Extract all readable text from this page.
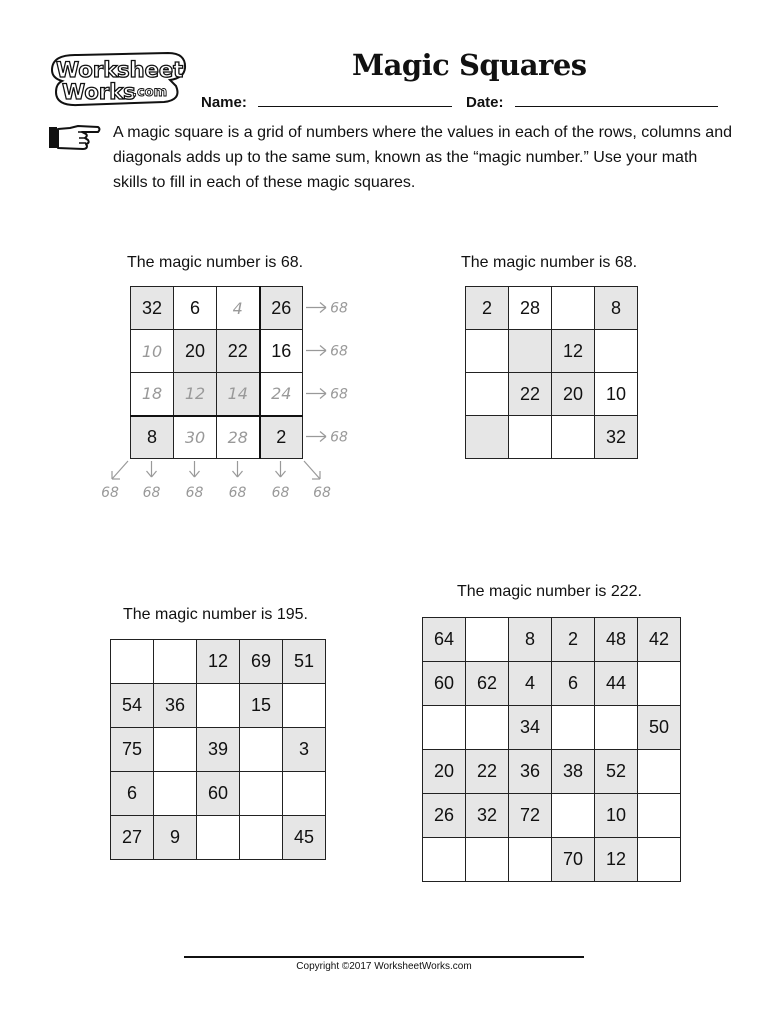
Worksheet
Works
.com
Magic Squares
Name:	Date:
A magic square is a grid of numbers where the values in each of the rows, columns and diagonals adds up to the same sum, known as the “magic number.” Use your math skills to fill in each of these magic squares.
The magic number is 68.
32	6	4	26
10	20	22	16
18	12	14	24
8	30	28	2
68
68
68
68
68 68 68 68 68 68
The magic number is 68.
2	28		8
		12	
	22	20	10
			32
The magic number is 195.
		12	69	51
54	36		15	
75		39		3
6		60		
27	9			45
The magic number is 222.
64		8	2	48	42
60	62	4	6	44	
		34			50
20	22	36	38	52	
26	32	72		10	
			70	12	
Copyright ©2017 WorksheetWorks.com
